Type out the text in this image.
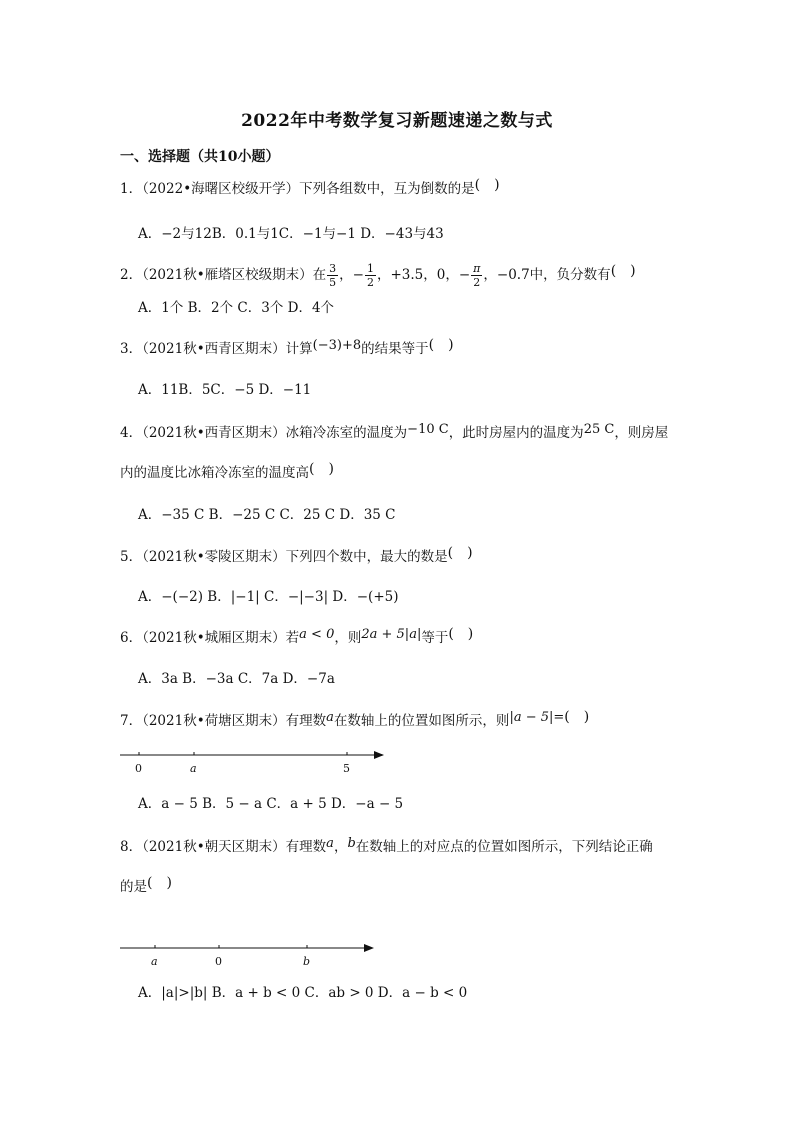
2022年中考数学复习新题速递之数与式
一、选择题（共10小题）
1．（2022•海曙区校级开学）下列各组数中，互为倒数的是(　)
A．−2与12B．0.1与1C．−1与−1 D．−43与43
2．（2021秋•雁塔区校级期末）在 $\frac{3}{5}$ ，− $\frac{1}{2}$ ，+3.5，0，− $\frac{\pi}{2}$ ，−0.7中，负分数有(　)
A．1个 B．2个 C．3个 D．4个
3．（2021秋•西青区期末）计算(−3)+8的结果等于(　)
A．11B．5C．−5 D．−11
4．（2021秋•西青区期末）冰箱冷冻室的温度为−10 C，此时房屋内的温度为25 C，则房屋
内的温度比冰箱冷冻室的温度高(　)
A．−35 C B．−25 C C．25 C D．35 C
5．（2021秋•零陵区期末）下列四个数中，最大的数是(　)
A．−(−2) B．|−1| C．−|−3| D．−(+5)
6．（2021秋•城厢区期末）若a < 0，则2a + 5|a|等于(　)
A．3a B．−3a C．7a D．−7a
7．（2021秋•荷塘区期末）有理数a在数轴上的位置如图所示，则|a − 5|=(　)
0	a	5
A．a − 5 B．5 − a C．a + 5 D．−a − 5
8．（2021秋•朝天区期末）有理数a，b在数轴上的对应点的位置如图所示，下列结论正确
的是(　)
a	0	b
A．|a|>|b| B．a + b < 0 C．ab > 0 D．a − b < 0
